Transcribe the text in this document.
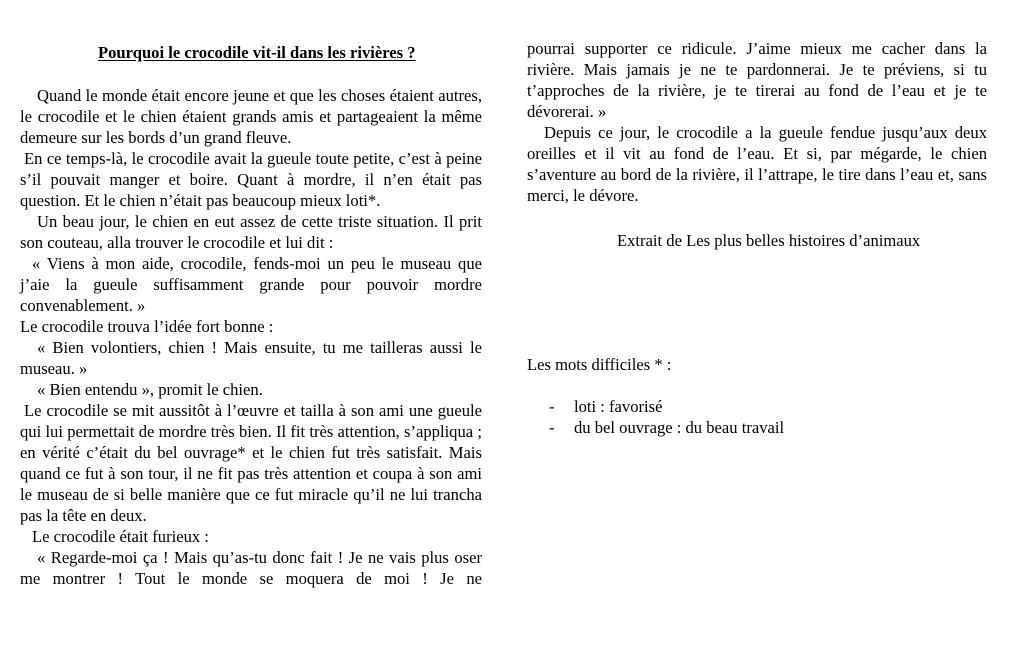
Pourquoi le crocodile vit-il dans les rivières ?

Quand le monde était encore jeune et que les choses étaient autres, le crocodile et le chien étaient grands amis et partageaient la même demeure sur les bords d’un grand fleuve.

En ce temps-là, le crocodile avait la gueule toute petite, c’est à peine s’il pouvait manger et boire. Quant à mordre, il n’en était pas question. Et le chien n’était pas beaucoup mieux loti*.

Un beau jour, le chien en eut assez de cette triste situation. Il prit son couteau, alla trouver le crocodile et lui dit :

« Viens à mon aide, crocodile, fends-moi un peu le museau que j’aie la gueule suffisamment grande pour pouvoir mordre convenablement. »

Le crocodile trouva l’idée fort bonne :

« Bien volontiers, chien ! Mais ensuite, tu me tailleras aussi le museau. »

« Bien entendu », promit le chien.

Le crocodile se mit aussitôt à l’œuvre et tailla à son ami une gueule qui lui permettait de mordre très bien. Il fit très attention, s’appliqua ; en vérité c’était du bel ouvrage* et le chien fut très satisfait. Mais quand ce fut à son tour, il ne fit pas très attention et coupa à son ami le museau de si belle manière que ce fut miracle qu’il ne lui trancha pas la tête en deux.

Le crocodile était furieux :

« Regarde-moi ça ! Mais qu’as-tu donc fait ! Je ne vais plus oser me montrer ! Tout le monde se moquera de moi ! Je ne

pourrai supporter ce ridicule. J’aime mieux me cacher dans la rivière. Mais jamais je ne te pardonnerai. Je te préviens, si tu t’approches de la rivière, je te tirerai au fond de l’eau et je te dévorerai. »

Depuis ce jour, le crocodile a la gueule fendue jusqu’aux deux oreilles et il vit au fond de l’eau. Et si, par mégarde, le chien s’aventure au bord de la rivière, il l’attrape, le tire dans l’eau et, sans merci, le dévore.

Extrait de Les plus belles histoires d’animaux
Les mots difficiles * :
- loti : favorisé
- du bel ouvrage : du beau travail
